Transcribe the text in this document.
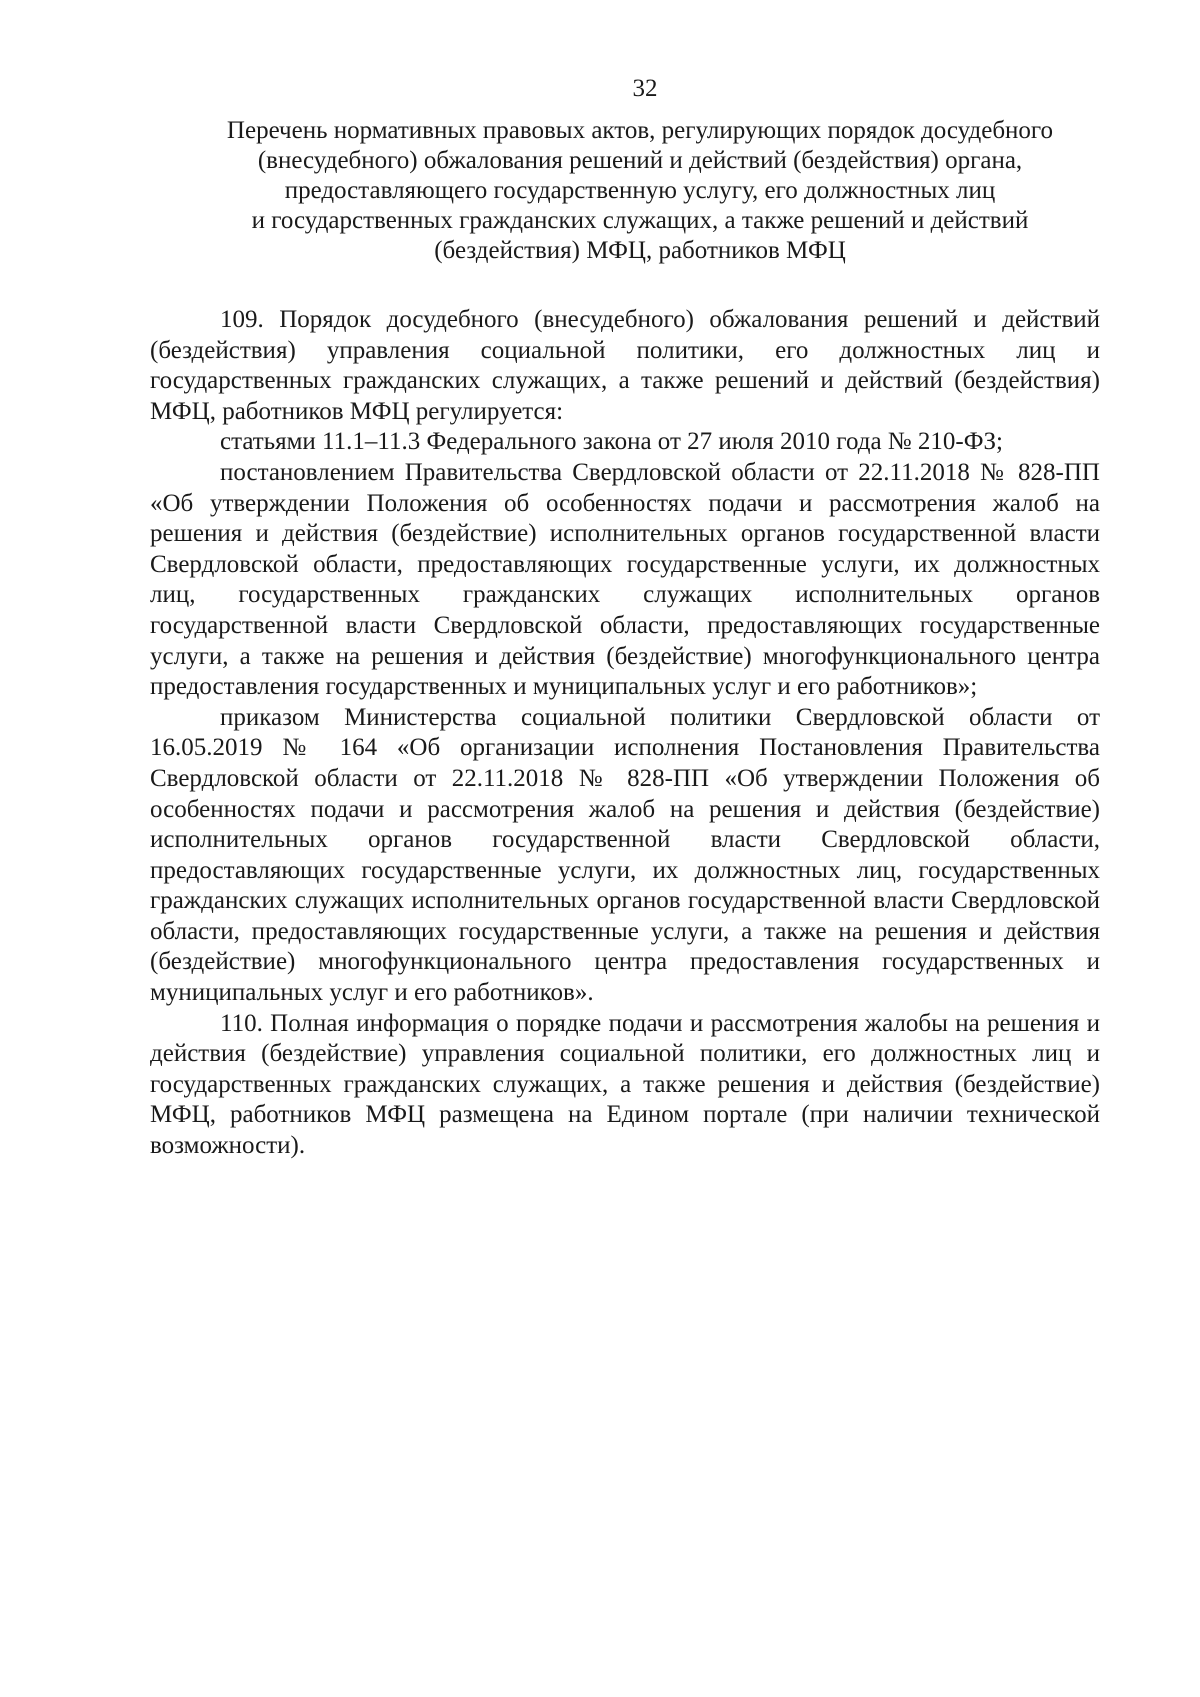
32
Перечень нормативных правовых актов, регулирующих порядок досудебного
(внесудебного) обжалования решений и действий (бездействия) органа,
предоставляющего государственную услугу, его должностных лиц
и государственных гражданских служащих, а также решений и действий
(бездействия) МФЦ, работников МФЦ

109. Порядок досудебного (внесудебного) обжалования решений и действий (бездействия) управления социальной политики, его должностных лиц и государственных гражданских служащих, а также решений и действий (бездействия) МФЦ, работников МФЦ регулируется:

статьями 11.1–11.3 Федерального закона от 27 июля 2010 года № 210-ФЗ;

постановлением Правительства Свердловской области от 22.11.2018 № 828-ПП «Об утверждении Положения об особенностях подачи и рассмотрения жалоб на решения и действия (бездействие) исполнительных органов государственной власти Свердловской области, предоставляющих государственные услуги, их должностных лиц, государственных гражданских служащих исполнительных органов государственной власти Свердловской области, предоставляющих государственные услуги, а также на решения и действия (бездействие) многофункционального центра предоставления государственных и муниципальных услуг и его работников»;

приказом Министерства социальной политики Свердловской области от 16.05.2019 № 164 «Об организации исполнения Постановления Правительства Свердловской области от 22.11.2018 № 828-ПП «Об утверждении Положения об особенностях подачи и рассмотрения жалоб на решения и действия (бездействие) исполнительных органов государственной власти Свердловской области, предоставляющих государственные услуги, их должностных лиц, государственных гражданских служащих исполнительных органов государственной власти Свердловской области, предоставляющих государственные услуги, а также на решения и действия (бездействие) многофункционального центра предоставления государственных и муниципальных услуг и его работников».

110. Полная информация о порядке подачи и рассмотрения жалобы на решения и действия (бездействие) управления социальной политики, его должностных лиц и государственных гражданских служащих, а также решения и действия (бездействие) МФЦ, работников МФЦ размещена на Едином портале (при наличии технической возможности).
